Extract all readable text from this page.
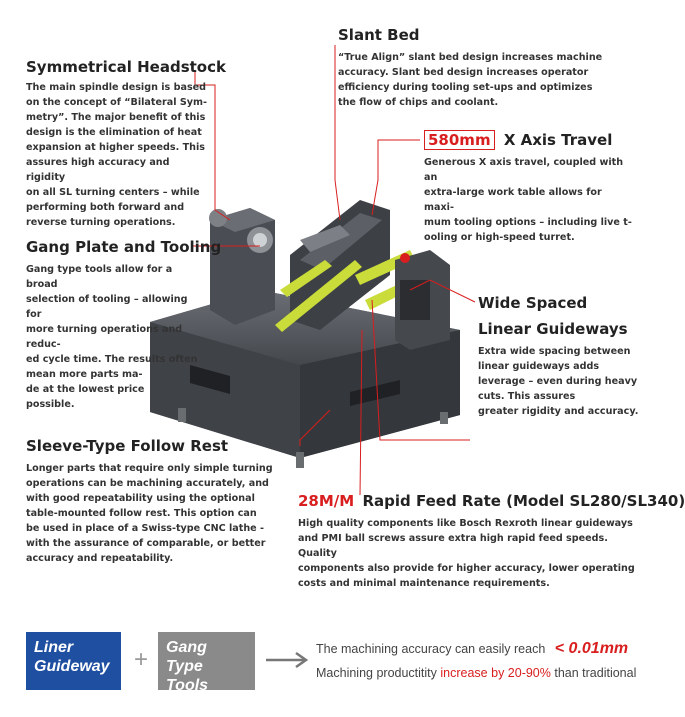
Symmetrical Headstock
The main spindle design is based
on the concept of “Bilateral Sym-
metry”. The major benefit of this
design is the elimination of heat
expansion at higher speeds. This
assures high accuracy and rigidity
on all SL turning centers – while
performing both forward and
reverse turning operations.
Slant Bed
“True Align” slant bed design increases machine
accuracy. Slant bed design increases operator
efficiency during tooling set-ups and optimizes
the flow of chips and coolant.
580mm X Axis Travel
Generous X axis travel, coupled with an
extra-large work table allows for maxi-
mum tooling options – including live t-
ooling or high-speed turret.
Gang Plate and Tooling
Gang type tools allow for a broad
selection of tooling – allowing for
more turning operations and reduc-
ed cycle time. The results often
mean more parts ma-
de at the lowest price
possible.
Wide Spaced
Linear Guideways
Extra wide spacing between
linear guideways adds
leverage – even during heavy
cuts. This assures
greater rigidity and accuracy.
Sleeve-Type Follow Rest
Longer parts that require only simple turning
operations can be machining accurately, and
with good repeatability using the optional
table-mounted follow rest. This option can
be used in place of a Swiss-type CNC lathe -
with the assurance of comparable, or better
accuracy and repeatability.
28M/M Rapid Feed Rate (Model SL280/SL340)
High quality components like Bosch Rexroth linear guideways
and PMI ball screws assure extra high rapid feed speeds. Quality
components also provide for higher accuracy, lower operating
costs and minimal maintenance requirements.
Liner
Guideway + Gang Type
Tools
The machining accuracy can easily reach < 0.01mm
Machining productitity increase by 20-90% than traditional
